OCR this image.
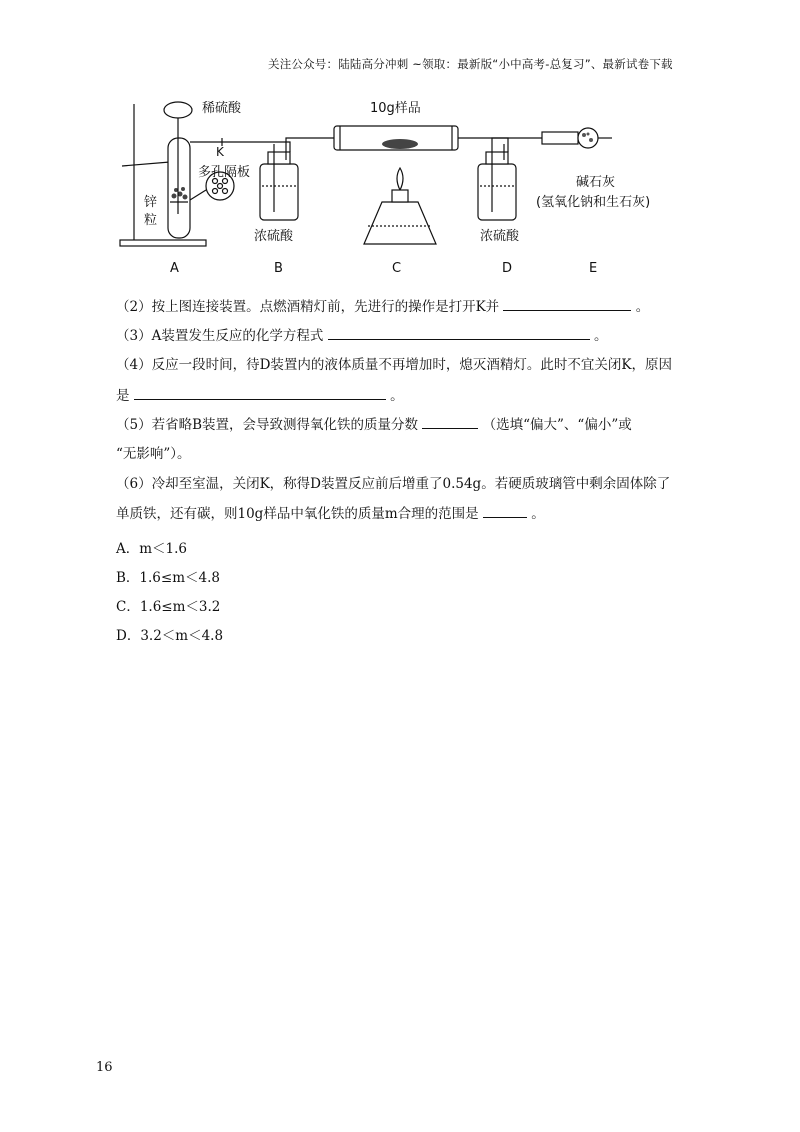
关注公众号：陆陆高分冲刺 ~领取：最新版“小中高考-总复习”、最新试卷下载
稀硫酸
K
多孔隔板
锌
粒
10g样品
浓硫酸	浓硫酸
碱石灰
(氢氧化钠和生石灰)
A	B	C	D	E
（2）按上图连接装置。点燃酒精灯前，先进行的操作是打开K并	。
（3）A装置发生反应的化学方程式	。
（4）反应一段时间，待D装置内的液体质量不再增加时，熄灭酒精灯。此时不宜关闭K，原因
是	。
（5）若省略B装置，会导致测得氧化铁的质量分数	（选填“偏大”、“偏小”或
“无影响”）。
（6）冷却至室温，关闭K，称得D装置反应前后增重了0.54g。若硬质玻璃管中剩余固体除了
单质铁，还有碳，则10g样品中氧化铁的质量m合理的范围是	。
A．m＜1.6
B．1.6≤m＜4.8
C．1.6≤m＜3.2
D．3.2＜m＜4.8
16
